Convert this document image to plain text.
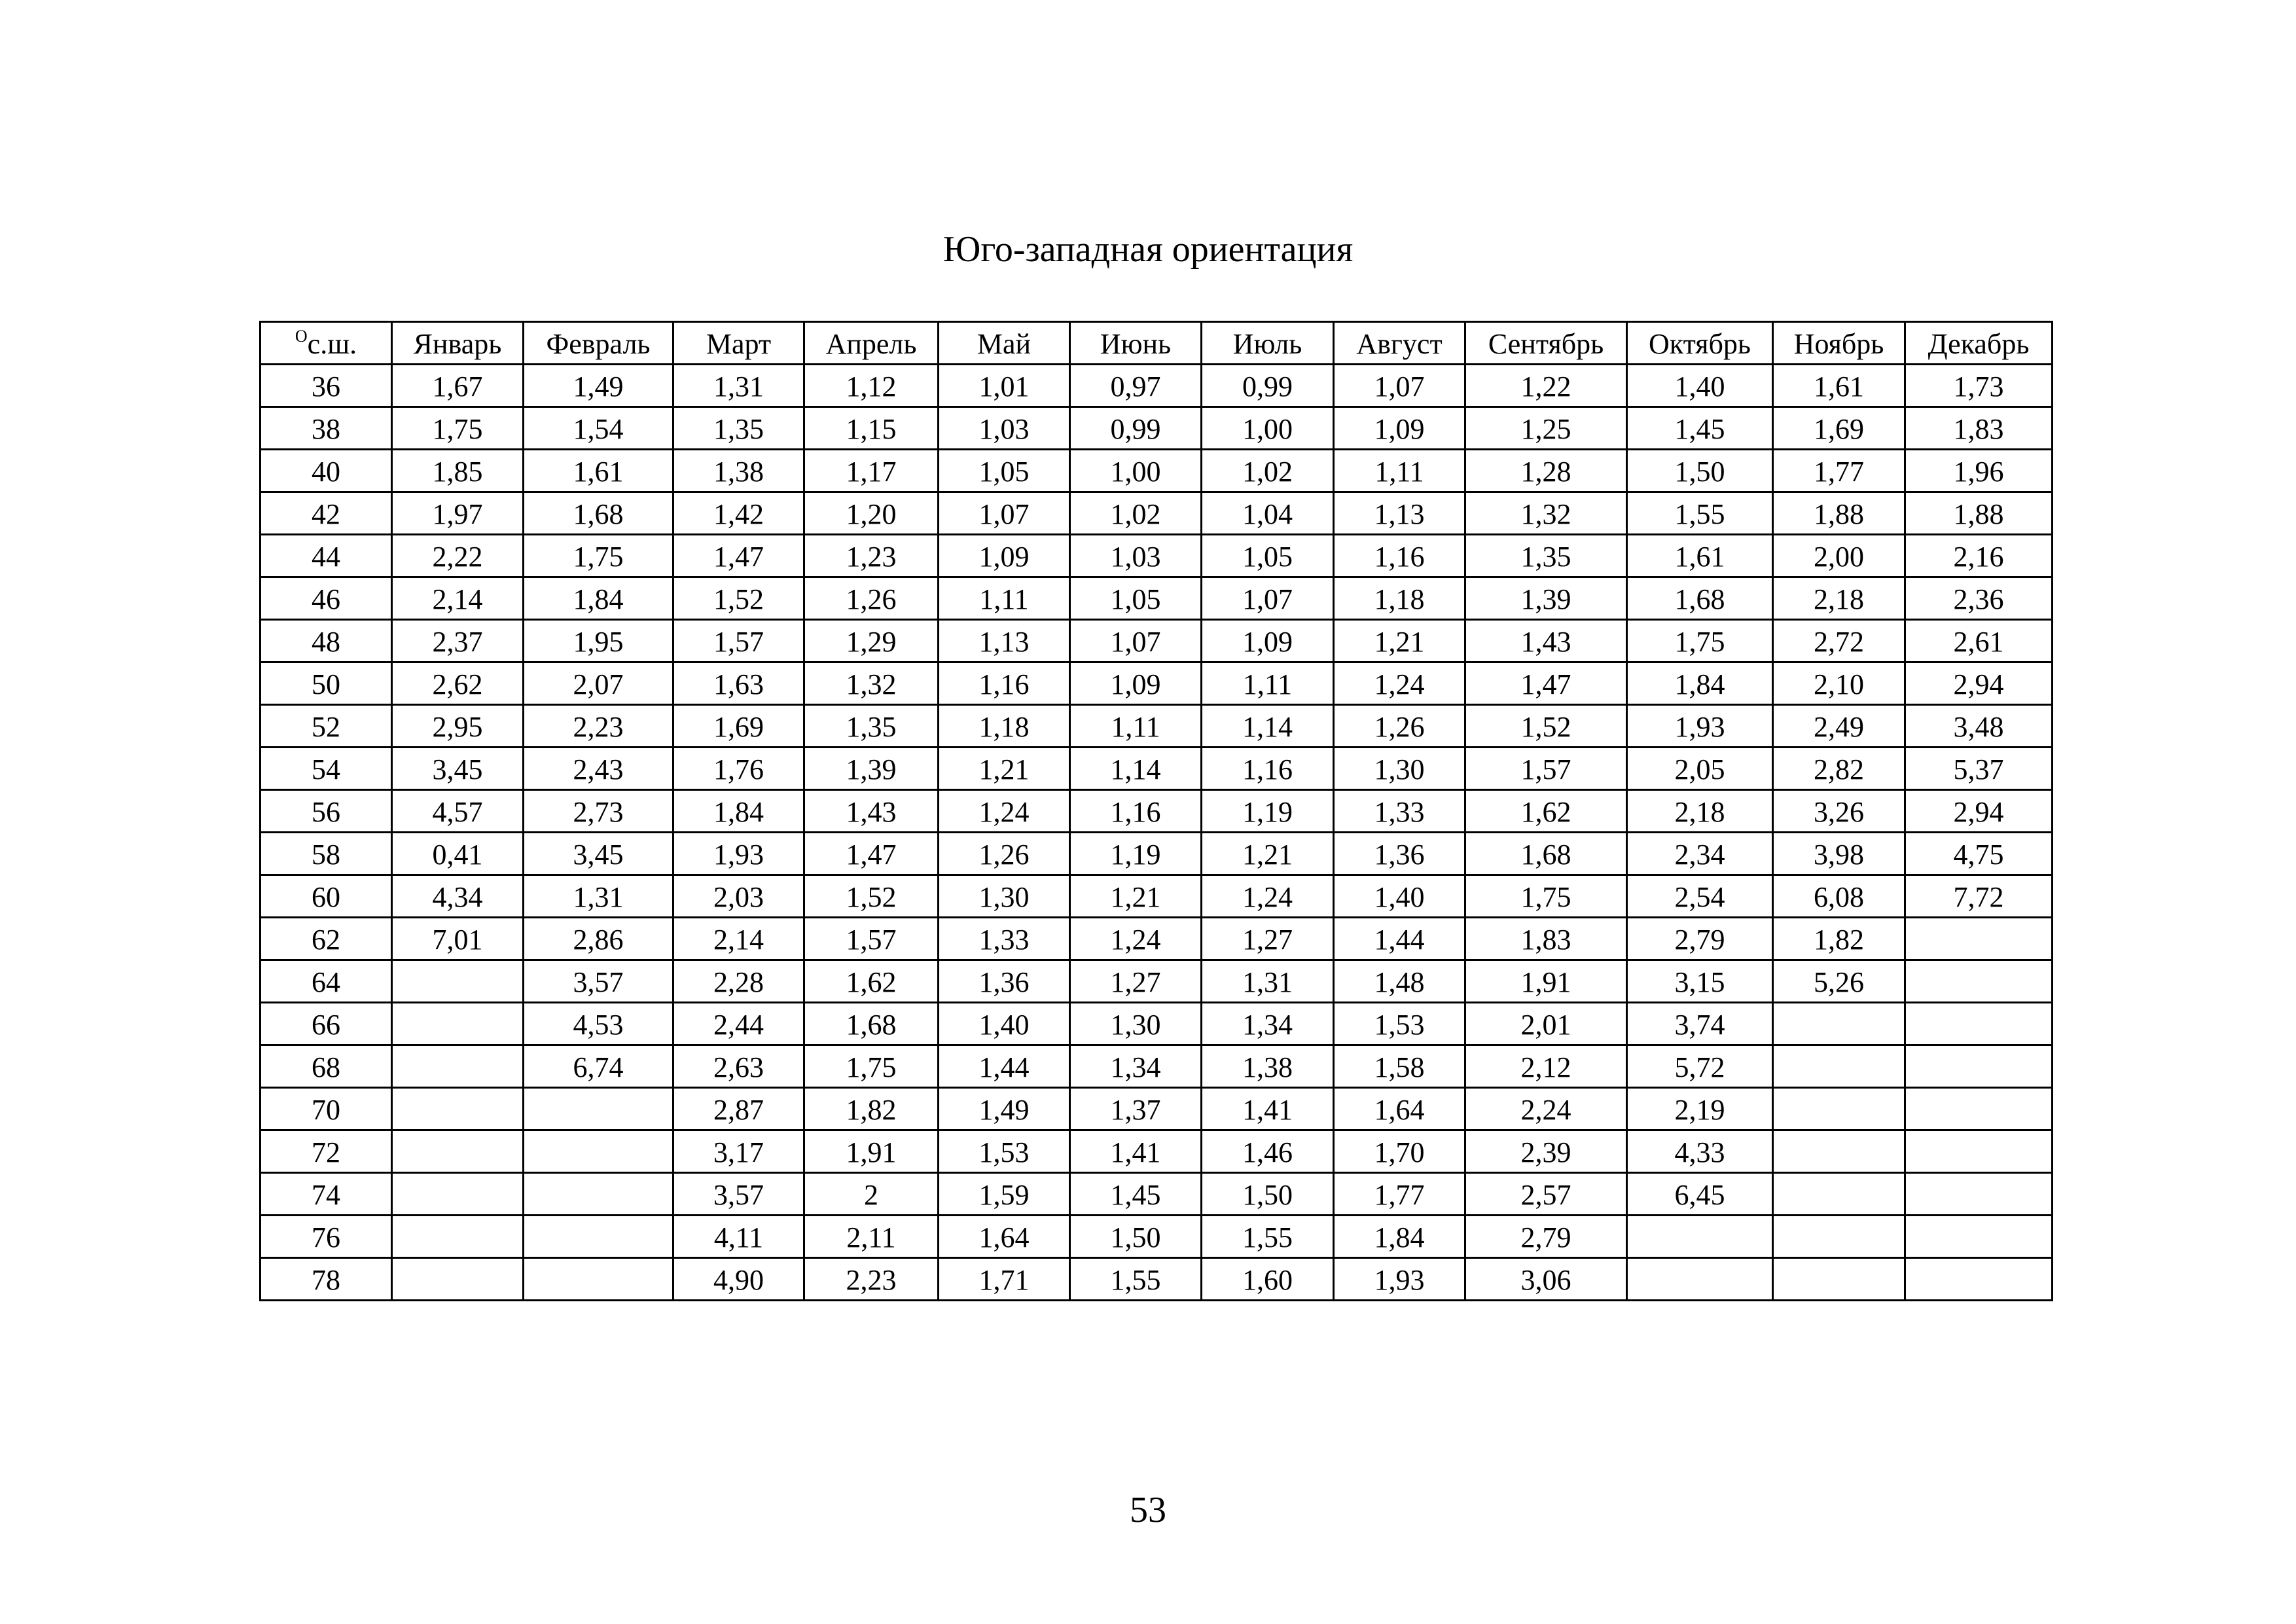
Юго-западная ориентация
$^О$с.ш.	Январь	Февраль	Март	Апрель	Май	Июнь	Июль	Август	Сентябрь	Октябрь	Ноябрь	Декабрь
36	1,67	1,49	1,31	1,12	1,01	0,97	0,99	1,07	1,22	1,40	1,61	1,73
38	1,75	1,54	1,35	1,15	1,03	0,99	1,00	1,09	1,25	1,45	1,69	1,83
40	1,85	1,61	1,38	1,17	1,05	1,00	1,02	1,11	1,28	1,50	1,77	1,96
42	1,97	1,68	1,42	1,20	1,07	1,02	1,04	1,13	1,32	1,55	1,88	1,88
44	2,22	1,75	1,47	1,23	1,09	1,03	1,05	1,16	1,35	1,61	2,00	2,16
46	2,14	1,84	1,52	1,26	1,11	1,05	1,07	1,18	1,39	1,68	2,18	2,36
48	2,37	1,95	1,57	1,29	1,13	1,07	1,09	1,21	1,43	1,75	2,72	2,61
50	2,62	2,07	1,63	1,32	1,16	1,09	1,11	1,24	1,47	1,84	2,10	2,94
52	2,95	2,23	1,69	1,35	1,18	1,11	1,14	1,26	1,52	1,93	2,49	3,48
54	3,45	2,43	1,76	1,39	1,21	1,14	1,16	1,30	1,57	2,05	2,82	5,37
56	4,57	2,73	1,84	1,43	1,24	1,16	1,19	1,33	1,62	2,18	3,26	2,94
58	0,41	3,45	1,93	1,47	1,26	1,19	1,21	1,36	1,68	2,34	3,98	4,75
60	4,34	1,31	2,03	1,52	1,30	1,21	1,24	1,40	1,75	2,54	6,08	7,72
62	7,01	2,86	2,14	1,57	1,33	1,24	1,27	1,44	1,83	2,79	1,82	
64		3,57	2,28	1,62	1,36	1,27	1,31	1,48	1,91	3,15	5,26	
66		4,53	2,44	1,68	1,40	1,30	1,34	1,53	2,01	3,74		
68		6,74	2,63	1,75	1,44	1,34	1,38	1,58	2,12	5,72		
70			2,87	1,82	1,49	1,37	1,41	1,64	2,24	2,19		
72			3,17	1,91	1,53	1,41	1,46	1,70	2,39	4,33		
74			3,57	2	1,59	1,45	1,50	1,77	2,57	6,45		
76			4,11	2,11	1,64	1,50	1,55	1,84	2,79			
78			4,90	2,23	1,71	1,55	1,60	1,93	3,06			
53
